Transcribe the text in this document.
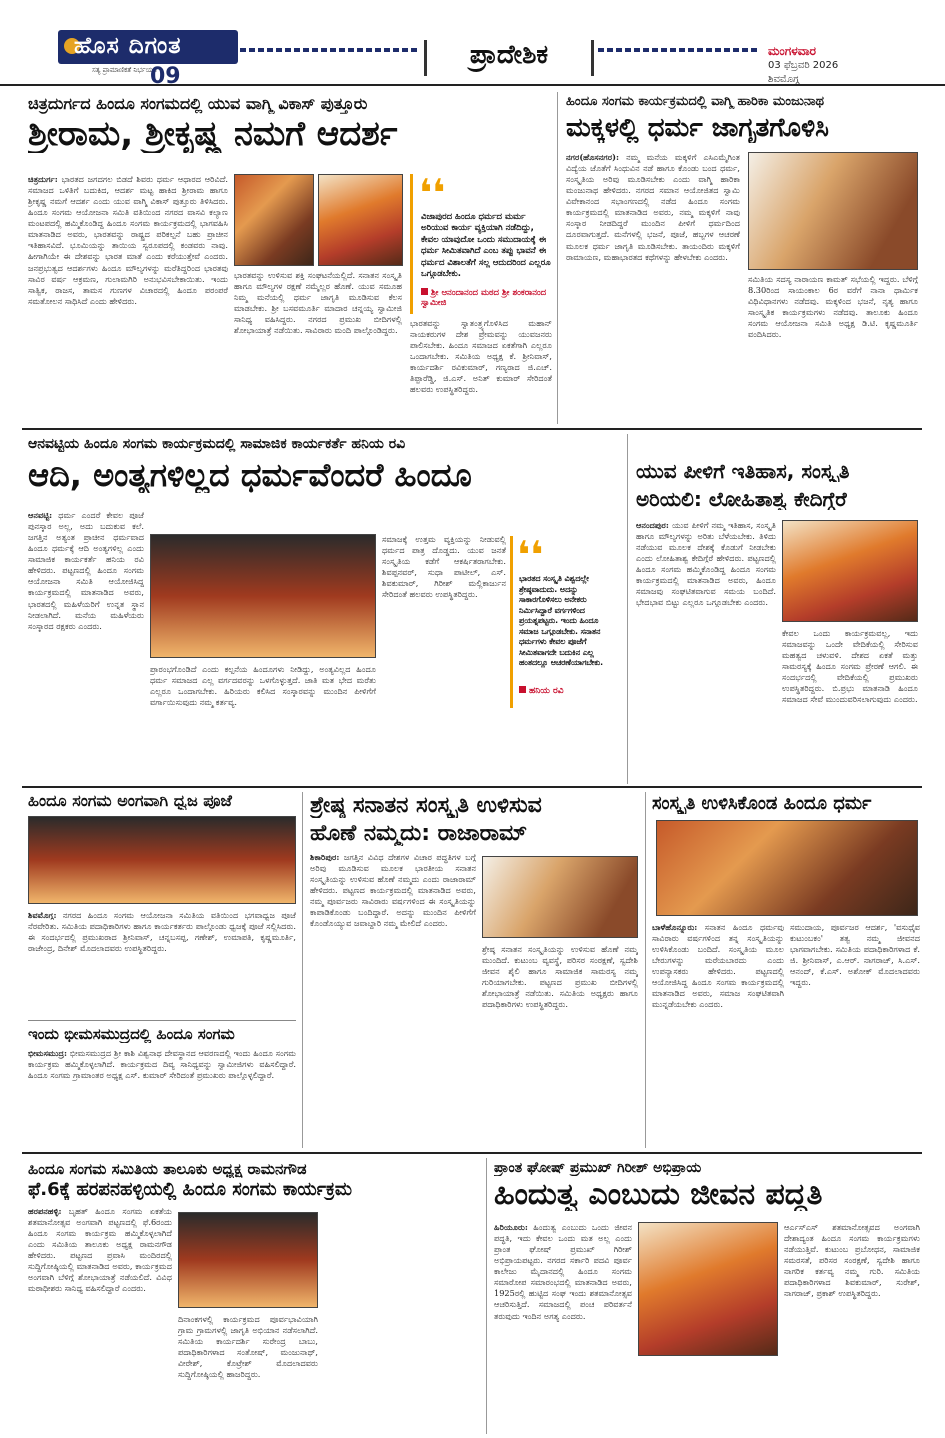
ಹೊಸ ದಿಗಂತ
ಸತ್ಯ ಪ್ರಾಮಾಣಿಕತೆ ನಿರ್ಭಯತೆ
09
ಪ್ರಾದೇಶಿಕ	ಮಂಗಳವಾರ
03 ಫೆಬ್ರವರಿ 2026
ಶಿವಮೊಗ್ಗ
ಚಿತ್ರದುರ್ಗದ ಹಿಂದೂ ಸಂಗಮದಲ್ಲಿ ಯುವ ವಾಗ್ಮಿ ವಿಕಾಸ್ ಪುತ್ತೂರು
ಶ್ರೀರಾಮ, ಶ್ರೀಕೃಷ್ಣ ನಮಗೆ ಆದರ್ಶ
ಚಿತ್ರದುರ್ಗ: ಭಾರತದ ಜಗದಗಲ ಬಿಡದೆ ಶಿವರು ಧರ್ಮ ಆಧಾರದ ಆರಿವಿದೆ. ಸಮಾಜದ ಒಳಿತಿಗೆ ಬದುಕಿದ, ಆದರ್ಶ ಮಟ್ಟ ಹಾಕಿದ ಶ್ರೀರಾಮ ಹಾಗೂ ಶ್ರೀಕೃಷ್ಣ ನಮಗೆ ಆದರ್ಶ ಎಂದು ಯುವ ವಾಗ್ಮಿ ವಿಕಾಸ್ ಪುತ್ತೂರು ತಿಳಿಸಿದರು. ಹಿಂದೂ ಸಂಗಮ ಆಯೋಜನಾ ಸಮಿತಿ ವತಿಯಿಂದ ನಗರದ ವಾಸವಿ ಕಲ್ಯಾಣ ಮಂಟಪದಲ್ಲಿ ಹಮ್ಮಿಕೊಂಡಿದ್ದ ಹಿಂದೂ ಸಂಗಮ ಕಾರ್ಯಕ್ರಮದಲ್ಲಿ ಭಾಗವಹಿಸಿ ಮಾತನಾಡಿದ ಅವರು, ಭಾರತವನ್ನು ರಾಷ್ಟ್ರದ ಪರಿಕಲ್ಪನೆ ಬಹು ಪ್ರಾಚೀನ ಇತಿಹಾಸವಿದೆ. ಭೂಮಿಯನ್ನು ತಾಯಿಯ ಸ್ವರೂಪದಲ್ಲಿ ಕಂಡವರು ನಾವು. ಹೀಗಾಗಿಯೇ ಈ ದೇಶವನ್ನು ಭಾರತ ಮಾತೆ ಎಂದು ಕರೆಯುತ್ತೇವೆ ಎಂದರು. ಜನಪ್ರಭುತ್ವದ ಆದರ್ಶಗಳು ಹಿಂದೂ ಮೌಲ್ಯಗಳನ್ನು ಮರೆತಿದ್ದರಿಂದ ಭಾರತವು ಸಾವಿರ ವರ್ಷ ಆಕ್ರಮಣ, ಗುಲಾಮಗಿರಿ ಅನುಭವಿಸಬೇಕಾಯಿತು. ಇಂದು ಸಾತ್ವಿಕ, ರಾಜಸ, ತಾಮಸ ಗುಣಗಳ ವಿಚಾರದಲ್ಲಿ ಹಿಂದೂ ಪರಂಪರೆ ಸಮತೋಲನ ಸಾಧಿಸಿದೆ ಎಂದು ಹೇಳಿದರು.
ಭಾರತವನ್ನು ಉಳಿಸುವ ಶಕ್ತಿ ಸಂಘಟನೆಯಲ್ಲಿದೆ. ಸನಾತನ ಸಂಸ್ಕೃತಿ ಹಾಗೂ ಮೌಲ್ಯಗಳ ರಕ್ಷಣೆ ನಮ್ಮೆಲ್ಲರ ಹೊಣೆ. ಯುವ ಸಮೂಹ ನಿಮ್ಮ ಮನೆಯಲ್ಲಿ ಧರ್ಮ ಜಾಗೃತಿ ಮೂಡಿಸುವ ಕೆಲಸ ಮಾಡಬೇಕು. ಶ್ರೀ ಬಸವಮೂರ್ತಿ ಮಾದಾರ ಚನ್ನಯ್ಯ ಸ್ವಾಮೀಜಿ ಸಾನಿಧ್ಯ ವಹಿಸಿದ್ದರು. ನಗರದ ಪ್ರಮುಖ ಬೀದಿಗಳಲ್ಲಿ ಶೋಭಾಯಾತ್ರೆ ನಡೆಯಿತು. ಸಾವಿರಾರು ಮಂದಿ ಪಾಲ್ಗೊಂಡಿದ್ದರು.
❛❛
ವಿಜಾಪುರದ ಹಿಂದೂ ಧರ್ಮದ ಮರ್ಮ ಅರಿಯುವ ಕಾರ್ಯ ವ್ಯಕ್ತಿಯಾಗಿ ನಡೆದಿದ್ದು, ಕೇವಲ ಯಾವುದೋ ಒಂದು ಸಮುದಾಯಕ್ಕೆ ಈ ಧರ್ಮ ಸೀಮಿತವಾಗಿದೆ ಎಂಬ ತಪ್ಪು ಭಾವನೆ ಈ ಧರ್ಮದ ವಿಶಾಲತೆಗೆ ಸಲ್ಲ ಆದುದರಿಂದ ಎಲ್ಲರೂ ಒಗ್ಗೂಡಬೇಕು.
ಶ್ರೀ ಆನಂದಾನಂದ ಮಠದ ಶ್ರೀ ಶಂಕರಾನಂದ ಸ್ವಾಮೀಜಿ
ಭಾರತವನ್ನು ಸ್ವಾತಂತ್ರ್ಯಗೊಳಿಸಿದ ಮಹಾನ್ ನಾಯಕರುಗಳ ದೇಶ ಪ್ರೇಮವನ್ನು ಯುವಜನರು ಪಾಲಿಸಬೇಕು. ಹಿಂದೂ ಸಮಾಜದ ಏಕತೆಗಾಗಿ ಎಲ್ಲರೂ ಒಂದಾಗಬೇಕು. ಸಮಿತಿಯ ಅಧ್ಯಕ್ಷ ಕೆ. ಶ್ರೀನಿವಾಸ್, ಕಾರ್ಯದರ್ಶಿ ರವಿಕುಮಾರ್, ಗಣ್ಯರಾದ ಜಿ.ಎಚ್. ತಿಪ್ಪಾರೆಡ್ಡಿ, ಜಿ.ಎಸ್. ಅನಿತ್ ಕುಮಾರ್ ಸೇರಿದಂತೆ ಹಲವರು ಉಪಸ್ಥಿತರಿದ್ದರು.
ಹಿಂದೂ ಸಂಗಮ ಕಾರ್ಯಕ್ರಮದಲ್ಲಿ ವಾಗ್ಮಿ ಹಾರಿಕಾ ಮಂಜುನಾಥ
ಮಕ್ಕಳಲ್ಲಿ ಧರ್ಮ ಜಾಗೃತಗೊಳಿಸಿ
ನಗರ(ಹೊಸನಗರ): ನಮ್ಮ ಮನೆಯ ಮಕ್ಕಳಿಗೆ ಎಸಿಎಮ್ಮೆಗಿಂತ ವಿದ್ಯೆಯ ಜೊತೆಗೆ ಸಿಂಧುವಿನ ನಡೆ ಹಾಗೂ ಕೊಂಡು ಬಂದ ಧರ್ಮ, ಸಂಸ್ಕೃತಿಯ ಅರಿವು ಮೂಡಿಸಬೇಕು ಎಂದು ವಾಗ್ಮಿ ಹಾರಿಕಾ ಮಂಜುನಾಥ ಹೇಳಿದರು. ನಗರದ ಸಮಾನ ಆಯೋಜಿತದ ಸ್ವಾಮಿ ವಿವೇಕಾನಂದ ಸಭಾಂಗಣದಲ್ಲಿ ನಡೆದ ಹಿಂದೂ ಸಂಗಮ ಕಾರ್ಯಕ್ರಮದಲ್ಲಿ ಮಾತನಾಡಿದ ಅವರು, ನಮ್ಮ ಮಕ್ಕಳಿಗೆ ನಾವು ಸಂಸ್ಕಾರ ನೀಡದಿದ್ದರೆ ಮುಂದಿನ ಪೀಳಿಗೆ ಧರ್ಮದಿಂದ ದೂರವಾಗುತ್ತದೆ. ಮನೆಗಳಲ್ಲಿ ಭಜನೆ, ಪೂಜೆ, ಹಬ್ಬಗಳ ಆಚರಣೆ ಮೂಲಕ ಧರ್ಮ ಜಾಗೃತಿ ಮೂಡಿಸಬೇಕು. ತಾಯಂದಿರು ಮಕ್ಕಳಿಗೆ ರಾಮಾಯಣ, ಮಹಾಭಾರತದ ಕಥೆಗಳನ್ನು ಹೇಳಬೇಕು ಎಂದರು.
ಸಮಿತಿಯ ಸದಸ್ಯ ನಾರಾಯಣ ಕಾಮತ್ ಸಭೆಯಲ್ಲಿ ಇದ್ದರು. ಬೆಳಿಗ್ಗೆ 8.30ರಿಂದ ಸಾಯಂಕಾಲ 6ರ ವರೆಗೆ ನಾನಾ ಧಾರ್ಮಿಕ ವಿಧಿವಿಧಾನಗಳು ನಡೆದವು. ಮಕ್ಕಳಿಂದ ಭಜನೆ, ನೃತ್ಯ ಹಾಗೂ ಸಾಂಸ್ಕೃತಿಕ ಕಾರ್ಯಕ್ರಮಗಳು ನಡೆದವು. ತಾಲೂಕು ಹಿಂದೂ ಸಂಗಮ ಆಯೋಜನಾ ಸಮಿತಿ ಅಧ್ಯಕ್ಷ ಡಿ.ಟಿ. ಕೃಷ್ಣಮೂರ್ತಿ ವಂದಿಸಿದರು.
ಆನವಟ್ಟಿಯ ಹಿಂದೂ ಸಂಗಮ ಕಾರ್ಯಕ್ರಮದಲ್ಲಿ ಸಾಮಾಜಿಕ ಕಾರ್ಯಕರ್ತೆ ಹನಿಯ ರವಿ
ಆದಿ, ಅಂತ್ಯಗಳಿಲ್ಲದ ಧರ್ಮವೆಂದರೆ ಹಿಂದೂ
ಆನವಟ್ಟಿ: ಧರ್ಮ ಎಂದರೆ ಕೇವಲ ಪೂಜೆ ಪುನಸ್ಕಾರ ಅಲ್ಲ, ಅದು ಬದುಕುವ ಕಲೆ. ಜಗತ್ತಿನ ಅತ್ಯಂತ ಪ್ರಾಚೀನ ಧರ್ಮವಾದ ಹಿಂದೂ ಧರ್ಮಕ್ಕೆ ಆದಿ ಅಂತ್ಯಗಳಿಲ್ಲ ಎಂದು ಸಾಮಾಜಿಕ ಕಾರ್ಯಕರ್ತೆ ಹನಿಯ ರವಿ ಹೇಳಿದರು. ಪಟ್ಟಣದಲ್ಲಿ ಹಿಂದೂ ಸಂಗಮ ಆಯೋಜನಾ ಸಮಿತಿ ಆಯೋಜಿಸಿದ್ದ ಕಾರ್ಯಕ್ರಮದಲ್ಲಿ ಮಾತನಾಡಿದ ಅವರು, ಭಾರತದಲ್ಲಿ ಮಹಿಳೆಯರಿಗೆ ಉನ್ನತ ಸ್ಥಾನ ನೀಡಲಾಗಿದೆ. ಮನೆಯ ಮಹಿಳೆಯರು ಸಂಸ್ಕಾರದ ರಕ್ಷಕರು ಎಂದರು.
ಪ್ರಾರಂಭಗೊಂಡಿದೆ ಎಂದು ಕಲ್ಪನೆಯ ಹಿಂದೂಗಳು ನೀಡಿದ್ದು, ಅಂತ್ಯವಿಲ್ಲದ ಹಿಂದೂ ಧರ್ಮ ಸಮಾಜದ ಎಲ್ಲ ವರ್ಗದವರನ್ನು ಒಳಗೊಳ್ಳುತ್ತದೆ. ಜಾತಿ ಮತ ಭೇದ ಮರೆತು ಎಲ್ಲರೂ ಒಂದಾಗಬೇಕು. ಹಿರಿಯರು ಕಲಿಸಿದ ಸಂಸ್ಕಾರವನ್ನು ಮುಂದಿನ ಪೀಳಿಗೆಗೆ ವರ್ಗಾಯಿಸುವುದು ನಮ್ಮ ಕರ್ತವ್ಯ.
ಸಮಾಜಕ್ಕೆ ಉತ್ತಮ ವ್ಯಕ್ತಿಯನ್ನು ನೀಡುವಲ್ಲಿ ಧರ್ಮದ ಪಾತ್ರ ದೊಡ್ಡದು. ಯುವ ಜನತೆ ಸಂಸ್ಕೃತಿಯ ಕಡೆಗೆ ಆಕರ್ಷಿತರಾಗಬೇಕು. ಶಿವಪ್ಪನವರ್, ಸುಧಾ ಪಾಟೀಲ್, ಎಸ್. ಶಿವಕುಮಾರ್, ಗಿರೀಶ್ ಮಲ್ಲಿಕಾರ್ಜುನ ಸೇರಿದಂತೆ ಹಲವರು ಉಪಸ್ಥಿತರಿದ್ದರು.
❛❛
ಭಾರತದ ಸಂಸ್ಕೃತಿ ವಿಶ್ವದಲ್ಲೇ ಶ್ರೇಷ್ಠವಾದುದು. ಅದನ್ನು ಸಾಕಾರಗೊಳಿಸಲು ಅನೇಕರು ನಿರ್ಮಿಸಿದ್ದಾರೆ ವರ್ಗಗಳಿಂದ ಪ್ರಯತ್ನಪಟ್ಟರು. ಇಂದು ಹಿಂದೂ ಸಮಾಜ ಒಗ್ಗೂಡಬೇಕು. ಸನಾತನ ಧರ್ಮಗಳು ಕೇವಲ ಪೂಜೆಗೆ ಸೀಮಿತವಾಗದೇ ಬದುಕಿನ ಎಲ್ಲ ಹಂತದಲ್ಲೂ ಆಚರಣೆಯಾಗಬೇಕು.
ಹನಿಯ ರವಿ
ಯುವ ಪೀಳಿಗೆ ಇತಿಹಾಸ, ಸಂಸ್ಕೃತಿ
ಅರಿಯಲಿ: ಲೋಹಿತಾಶ್ವ ಕೇದಿಗ್ಗೆರೆ
ಆನಂದಪುರ: ಯುವ ಪೀಳಿಗೆ ನಮ್ಮ ಇತಿಹಾಸ, ಸಂಸ್ಕೃತಿ ಹಾಗೂ ಮೌಲ್ಯಗಳನ್ನು ಅರಿತು ಬೆಳೆಯಬೇಕು. ತಿಳಿದು ನಡೆಯುವ ಮೂಲಕ ದೇಶಕ್ಕೆ ಕೊಡುಗೆ ನೀಡಬೇಕು ಎಂದು ಲೋಹಿತಾಶ್ವ ಕೇದಿಗ್ಗೆರೆ ಹೇಳಿದರು. ಪಟ್ಟಣದಲ್ಲಿ ಹಿಂದೂ ಸಂಗಮ ಹಮ್ಮಿಕೊಂಡಿದ್ದ ಹಿಂದೂ ಸಂಗಮ ಕಾರ್ಯಕ್ರಮದಲ್ಲಿ ಮಾತನಾಡಿದ ಅವರು, ಹಿಂದೂ ಸಮಾಜವು ಸಂಘಟಿತವಾಗುವ ಸಮಯ ಬಂದಿದೆ. ಭೇದಭಾವ ಬಿಟ್ಟು ಎಲ್ಲರೂ ಒಗ್ಗೂಡಬೇಕು ಎಂದರು.
ಕೇವಲ ಒಂದು ಕಾರ್ಯಕ್ರಮವಲ್ಲ, ಇದು ಸಮಾಜವನ್ನು ಒಂದೇ ವೇದಿಕೆಯಲ್ಲಿ ಸೇರಿಸುವ ಮಹತ್ವದ ಚಳುವಳಿ. ದೇಶದ ಏಕತೆ ಮತ್ತು ಸಾಮರಸ್ಯಕ್ಕೆ ಹಿಂದೂ ಸಂಗಮ ಪ್ರೇರಣೆ ಆಗಲಿ. ಈ ಸಂದರ್ಭದಲ್ಲಿ ವೇದಿಕೆಯಲ್ಲಿ ಪ್ರಮುಖರು ಉಪಸ್ಥಿತರಿದ್ದರು. ಬಿ.ಪ್ರಭು ಮಾತನಾಡಿ ಹಿಂದೂ ಸಮಾಜದ ಸೇವೆ ಮುಂದುವರಿಸಲಾಗುವುದು ಎಂದರು.
ಹಿಂದೂ ಸಂಗಮ ಅಂಗವಾಗಿ ಧ್ವಜ ಪೂಜೆ
ಶಿವಮೊಗ್ಗ: ನಗರದ ಹಿಂದೂ ಸಂಗಮ ಆಯೋಜನಾ ಸಮಿತಿಯ ವತಿಯಿಂದ ಭಗವಾಧ್ವಜ ಪೂಜೆ ನೆರವೇರಿತು. ಸಮಿತಿಯ ಪದಾಧಿಕಾರಿಗಳು ಹಾಗೂ ಕಾರ್ಯಕರ್ತರು ಪಾಲ್ಗೊಂಡು ಧ್ವಜಕ್ಕೆ ಪೂಜೆ ಸಲ್ಲಿಸಿದರು. ಈ ಸಂದರ್ಭದಲ್ಲಿ ಪ್ರಮುಖರಾದ ಶ್ರೀನಿವಾಸ್, ಚನ್ನಬಸಪ್ಪ, ಗಣೇಶ್, ಉಮಾಪತಿ, ಕೃಷ್ಣಮೂರ್ತಿ, ರಾಜೇಂದ್ರ, ದಿನೇಶ್ ಮೊದಲಾದವರು ಉಪಸ್ಥಿತರಿದ್ದರು.
ಇಂದು ಭೀಮಸಮುದ್ರದಲ್ಲಿ ಹಿಂದೂ ಸಂಗಮ
ಭೀಮಸಮುದ್ರ: ಭೀಮಸಮುದ್ರದ ಶ್ರೀ ಕಾಶಿ ವಿಶ್ವನಾಥ ದೇವಸ್ಥಾನದ ಆವರಣದಲ್ಲಿ ಇಂದು ಹಿಂದೂ ಸಂಗಮ ಕಾರ್ಯಕ್ರಮ ಹಮ್ಮಿಕೊಳ್ಳಲಾಗಿದೆ. ಕಾರ್ಯಕ್ರಮದ ದಿವ್ಯ ಸಾನಿಧ್ಯವನ್ನು ಸ್ವಾಮೀಜಿಗಳು ವಹಿಸಲಿದ್ದಾರೆ. ಹಿಂದೂ ಸಂಗಮ ಗ್ರಾಮಾಂತರ ಅಧ್ಯಕ್ಷ ಎಸ್. ಕುಮಾರ್ ಸೇರಿದಂತೆ ಪ್ರಮುಖರು ಪಾಲ್ಗೊಳ್ಳಲಿದ್ದಾರೆ.
ಶ್ರೇಷ್ಠ ಸನಾತನ ಸಂಸ್ಕೃತಿ ಉಳಿಸುವ
ಹೊಣೆ ನಮ್ಮದು: ರಾಜಾರಾಮ್
ಶಿಕಾರಿಪುರ: ಜಗತ್ತಿನ ವಿವಿಧ ದೇಶಗಳ ವಿಚಾರ ಪದ್ಧತಿಗಳ ಬಗ್ಗೆ ಅರಿವು ಮೂಡಿಸುವ ಮೂಲಕ ಭಾರತೀಯ ಸನಾತನ ಸಂಸ್ಕೃತಿಯನ್ನು ಉಳಿಸುವ ಹೊಣೆ ನಮ್ಮದು ಎಂದು ರಾಜಾರಾಮ್ ಹೇಳಿದರು. ಪಟ್ಟಣದ ಕಾರ್ಯಕ್ರಮದಲ್ಲಿ ಮಾತನಾಡಿದ ಅವರು, ನಮ್ಮ ಪೂರ್ವಜರು ಸಾವಿರಾರು ವರ್ಷಗಳಿಂದ ಈ ಸಂಸ್ಕೃತಿಯನ್ನು ಕಾಪಾಡಿಕೊಂಡು ಬಂದಿದ್ದಾರೆ. ಅದನ್ನು ಮುಂದಿನ ಪೀಳಿಗೆಗೆ ಕೊಂಡೊಯ್ಯುವ ಜವಾಬ್ದಾರಿ ನಮ್ಮ ಮೇಲಿದೆ ಎಂದರು.
ಶ್ರೇಷ್ಠ ಸನಾತನ ಸಂಸ್ಕೃತಿಯನ್ನು ಉಳಿಸುವ ಹೊಣೆ ನಮ್ಮ ಮುಂದಿದೆ. ಕುಟುಂಬ ವ್ಯವಸ್ಥೆ, ಪರಿಸರ ಸಂರಕ್ಷಣೆ, ಸ್ವದೇಶಿ ಜೀವನ ಶೈಲಿ ಹಾಗೂ ಸಾಮಾಜಿಕ ಸಾಮರಸ್ಯ ನಮ್ಮ ಗುರಿಯಾಗಬೇಕು. ಪಟ್ಟಣದ ಪ್ರಮುಖ ಬೀದಿಗಳಲ್ಲಿ ಶೋಭಾಯಾತ್ರೆ ನಡೆಯಿತು. ಸಮಿತಿಯ ಅಧ್ಯಕ್ಷರು ಹಾಗೂ ಪದಾಧಿಕಾರಿಗಳು ಉಪಸ್ಥಿತರಿದ್ದರು.
ಸಂಸ್ಕೃತಿ ಉಳಿಸಿಕೊಂಡ ಹಿಂದೂ ಧರ್ಮ
ಬಾಳೆಹೊನ್ನೂರು: ಸನಾತನ ಹಿಂದೂ ಧರ್ಮವು ಸಾವಿರಾರು ವರ್ಷಗಳಿಂದ ತನ್ನ ಸಂಸ್ಕೃತಿಯನ್ನು ಉಳಿಸಿಕೊಂಡು ಬಂದಿದೆ. ಸಂಸ್ಕೃತಿಯ ಮೂಲ ಬೇರುಗಳನ್ನು ಮರೆಯಬಾರದು ಎಂದು ಉಪನ್ಯಾಸಕರು ಹೇಳಿದರು. ಪಟ್ಟಣದಲ್ಲಿ ಆಯೋಜಿಸಿದ್ದ ಹಿಂದೂ ಸಂಗಮ ಕಾರ್ಯಕ್ರಮದಲ್ಲಿ ಮಾತನಾಡಿದ ಅವರು, ಸಮಾಜ ಸಂಘಟಿತವಾಗಿ ಮುನ್ನಡೆಯಬೇಕು ಎಂದರು.
ಸಮುದಾಯ, ಪೂರ್ವಜರ ಆದರ್ಶ, 'ವಸುಧೈವ ಕುಟುಂಬಕಂ' ತತ್ವ ನಮ್ಮ ಜೀವನದ ಭಾಗವಾಗಬೇಕು. ಸಮಿತಿಯ ಪದಾಧಿಕಾರಿಗಳಾದ ಕೆ. ಜಿ. ಶ್ರೀನಿವಾಸ್, ಎ.ಆರ್. ನಾಗರಾಜ್, ಸಿ.ಎಸ್. ಆನಂದ್, ಕೆ.ಎಸ್. ಅಶೋಕ್ ಮೊದಲಾದವರು ಇದ್ದರು.
ಹಿಂದೂ ಸಂಗಮ ಸಮಿತಿಯ ತಾಲೂಕು ಅಧ್ಯಕ್ಷ ರಾಮನಗೌಡ
ಫೆ.6ಕ್ಕೆ ಹರಪನಹಳ್ಳಿಯಲ್ಲಿ ಹಿಂದೂ ಸಂಗಮ ಕಾರ್ಯಕ್ರಮ
ಹರಪನಹಳ್ಳಿ: ಬೃಹತ್ ಹಿಂದೂ ಸಂಗಮ ಏಕತೆಯ ಶತಮಾನೋತ್ಸವ ಅಂಗವಾಗಿ ಪಟ್ಟಣದಲ್ಲಿ ಫೆ.6ರಂದು ಹಿಂದೂ ಸಂಗಮ ಕಾರ್ಯಕ್ರಮ ಹಮ್ಮಿಕೊಳ್ಳಲಾಗಿದೆ ಎಂದು ಸಮಿತಿಯ ತಾಲೂಕು ಅಧ್ಯಕ್ಷ ರಾಮನಗೌಡ ಹೇಳಿದರು. ಪಟ್ಟಣದ ಪ್ರವಾಸಿ ಮಂದಿರದಲ್ಲಿ ಸುದ್ದಿಗೋಷ್ಠಿಯಲ್ಲಿ ಮಾತನಾಡಿದ ಅವರು, ಕಾರ್ಯಕ್ರಮದ ಅಂಗವಾಗಿ ಬೆಳಿಗ್ಗೆ ಶೋಭಾಯಾತ್ರೆ ನಡೆಯಲಿದೆ. ವಿವಿಧ ಮಠಾಧೀಶರು ಸಾನಿಧ್ಯ ವಹಿಸಲಿದ್ದಾರೆ ಎಂದರು.
ದಿನಾಂಕಗಳಲ್ಲಿ ಕಾರ್ಯಕ್ರಮದ ಪೂರ್ವಭಾವಿಯಾಗಿ ಗ್ರಾಮ ಗ್ರಾಮಗಳಲ್ಲಿ ಜಾಗೃತಿ ಅಭಿಯಾನ ನಡೆಸಲಾಗಿದೆ. ಸಮಿತಿಯ ಕಾರ್ಯದರ್ಶಿ ಸುರೇಂದ್ರ ಬಾಬು, ಪದಾಧಿಕಾರಿಗಳಾದ ಸಂತೋಷ್, ಮಂಜುನಾಥ್, ವೀರೇಶ್, ಕೊಟ್ರೇಶ್ ಮೊದಲಾದವರು ಸುದ್ದಿಗೋಷ್ಠಿಯಲ್ಲಿ ಹಾಜರಿದ್ದರು.
ಪ್ರಾಂತ ಘೋಷ್ ಪ್ರಮುಖ್ ಗಿರೀಶ್ ಅಭಿಪ್ರಾಯ
ಹಿಂದುತ್ವ ಎಂಬುದು ಜೀವನ ಪದ್ಧತಿ
ಹಿರಿಯೂರು: ಹಿಂದುತ್ವ ಎಂಬುದು ಒಂದು ಜೀವನ ಪದ್ಧತಿ, ಇದು ಕೇವಲ ಒಂದು ಮತ ಅಲ್ಲ ಎಂದು ಪ್ರಾಂತ ಘೋಷ್ ಪ್ರಮುಖ್ ಗಿರೀಶ್ ಅಭಿಪ್ರಾಯಪಟ್ಟರು. ನಗರದ ಸರ್ಕಾರಿ ಪದವಿ ಪೂರ್ವ ಕಾಲೇಜು ಮೈದಾನದಲ್ಲಿ ಹಿಂದೂ ಸಂಗಮ ಸಮಾರೋಪ ಸಮಾರಂಭದಲ್ಲಿ ಮಾತನಾಡಿದ ಅವರು, 1925ರಲ್ಲಿ ಹುಟ್ಟಿದ ಸಂಘ ಇಂದು ಶತಮಾನೋತ್ಸವ ಆಚರಿಸುತ್ತಿದೆ. ಸಮಾಜದಲ್ಲಿ ಪಂಚ ಪರಿವರ್ತನೆ ತರುವುದು ಇಂದಿನ ಅಗತ್ಯ ಎಂದರು.
ಆರ್ಎಸ್ಎಸ್ ಶತಮಾನೋತ್ಸವದ ಅಂಗವಾಗಿ ದೇಶಾದ್ಯಂತ ಹಿಂದೂ ಸಂಗಮ ಕಾರ್ಯಕ್ರಮಗಳು ನಡೆಯುತ್ತಿವೆ. ಕುಟುಂಬ ಪ್ರಬೋಧನ, ಸಾಮಾಜಿಕ ಸಮರಸತೆ, ಪರಿಸರ ಸಂರಕ್ಷಣೆ, ಸ್ವದೇಶಿ ಹಾಗೂ ನಾಗರಿಕ ಕರ್ತವ್ಯ ನಮ್ಮ ಗುರಿ. ಸಮಿತಿಯ ಪದಾಧಿಕಾರಿಗಳಾದ ಶಿವಕುಮಾರ್, ಸುರೇಶ್, ನಾಗರಾಜ್, ಪ್ರಕಾಶ್ ಉಪಸ್ಥಿತರಿದ್ದರು.
